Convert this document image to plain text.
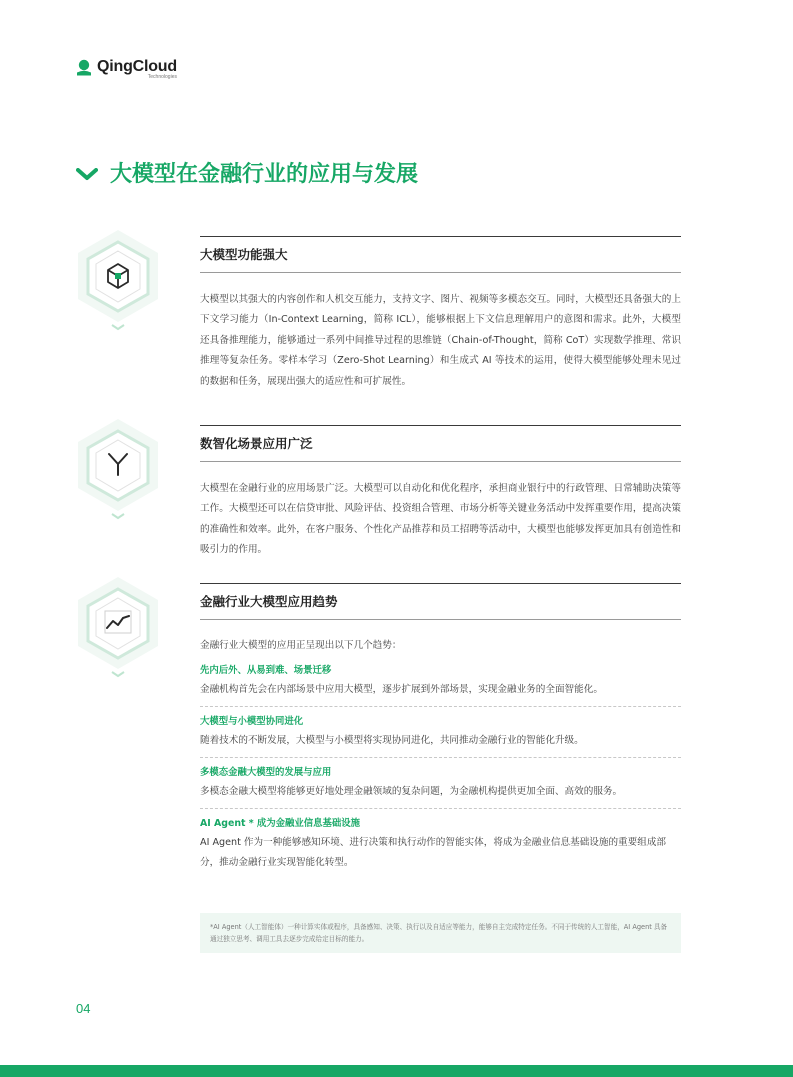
QingCloud
Technologies
大模型在金融行业的应用与发展
大模型功能强大

大模型以其强大的内容创作和人机交互能力，支持文字、图片、视频等多模态交互。同时，大模型还具备强大的上下文学习能力（In-Context Learning，简称 ICL），能够根据上下文信息理解用户的意图和需求。此外，大模型还具备推理能力，能够通过一系列中间推导过程的思维链（Chain-of-Thought，简称 CoT）实现数学推理、常识推理等复杂任务。零样本学习（Zero-Shot Learning）和生成式 AI 等技术的运用，使得大模型能够处理未见过的数据和任务，展现出强大的适应性和可扩展性。

数智化场景应用广泛

大模型在金融行业的应用场景广泛。大模型可以自动化和优化程序，承担商业银行中的行政管理、日常辅助决策等工作。大模型还可以在信贷审批、风险评估、投资组合管理、市场分析等关键业务活动中发挥重要作用，提高决策的准确性和效率。此外，在客户服务、个性化产品推荐和员工招聘等活动中，大模型也能够发挥更加具有创造性和吸引力的作用。

金融行业大模型应用趋势

金融行业大模型的应用正呈现出以下几个趋势：

先内后外、从易到难、场景迁移
金融机构首先会在内部场景中应用大模型，逐步扩展到外部场景，实现金融业务的全面智能化。
大模型与小模型协同进化
随着技术的不断发展，大模型与小模型将实现协同进化，共同推动金融行业的智能化升级。
多模态金融大模型的发展与应用
多模态金融大模型将能够更好地处理金融领域的复杂问题，为金融机构提供更加全面、高效的服务。
AI Agent * 成为金融业信息基础设施
AI Agent 作为一种能够感知环境、进行决策和执行动作的智能实体，将成为金融业信息基础设施的重要组成部分，推动金融行业实现智能化转型。

*AI Agent（人工智能体）一种计算实体或程序，具备感知、决策、执行以及自适应等能力，能够自主完成特定任务。不同于传统的人工智能，AI Agent 具备通过独立思考、调用工具去逐步完成给定目标的能力。

04
